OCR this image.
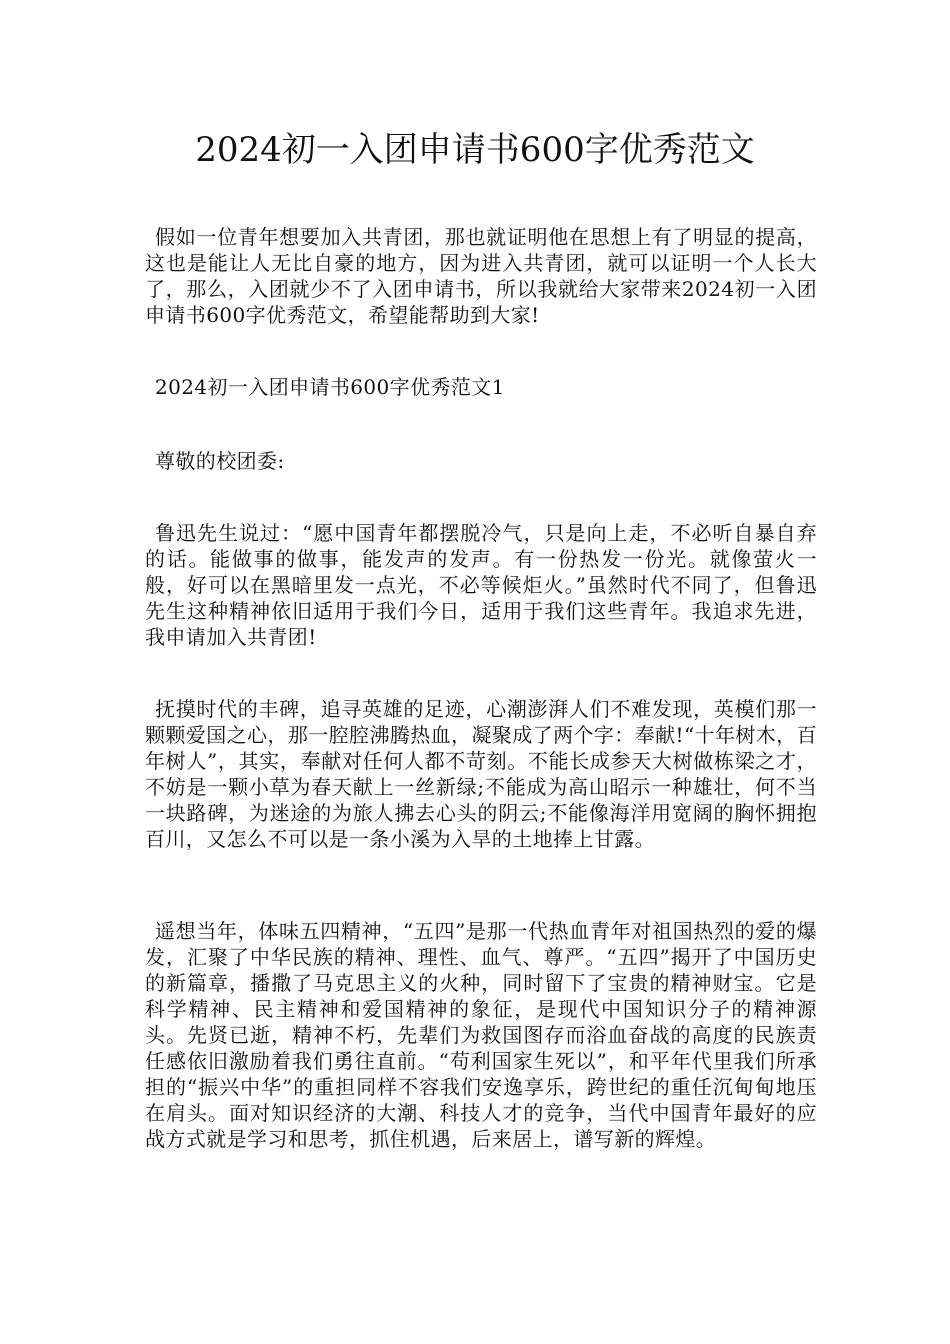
2024初一入团申请书600字优秀范文

假如一位青年想要加入共青团，那也就证明他在思想上有了明显的提高，这也是能让人无比自豪的地方，因为进入共青团，就可以证明一个人长大了，那么，入团就少不了入团申请书，所以我就给大家带来2024初一入团申请书600字优秀范文，希望能帮助到大家!

2024初一入团申请书600字优秀范文1

尊敬的校团委:

鲁迅先生说过：“愿中国青年都摆脱冷气，只是向上走，不必听自暴自弃的话。能做事的做事，能发声的发声。有一份热发一份光。就像萤火一般，好可以在黑暗里发一点光，不必等候炬火。”虽然时代不同了，但鲁迅先生这种精神依旧适用于我们今日，适用于我们这些青年。我追求先进，我申请加入共青团!

抚摸时代的丰碑，追寻英雄的足迹，心潮澎湃人们不难发现，英模们那一颗颗爱国之心，那一腔腔沸腾热血，凝聚成了两个字：奉献!“十年树木，百年树人”，其实，奉献对任何人都不苛刻。不能长成参天大树做栋梁之才，不妨是一颗小草为春天献上一丝新绿;不能成为高山昭示一种雄壮，何不当一块路碑，为迷途的为旅人拂去心头的阴云;不能像海洋用宽阔的胸怀拥抱百川，又怎么不可以是一条小溪为入旱的土地捧上甘露。

遥想当年，体味五四精神，“五四”是那一代热血青年对祖国热烈的爱的爆发，汇聚了中华民族的精神、理性、血气、尊严。“五四”揭开了中国历史的新篇章，播撒了马克思主义的火种，同时留下了宝贵的精神财宝。它是科学精神、民主精神和爱国精神的象征，是现代中国知识分子的精神源头。先贤已逝，精神不朽，先辈们为救国图存而浴血奋战的高度的民族责任感依旧激励着我们勇往直前。“苟利国家生死以”，和平年代里我们所承担的“振兴中华”的重担同样不容我们安逸享乐，跨世纪的重任沉甸甸地压在肩头。面对知识经济的大潮、科技人才的竞争，当代中国青年最好的应战方式就是学习和思考，抓住机遇，后来居上，谱写新的辉煌。
